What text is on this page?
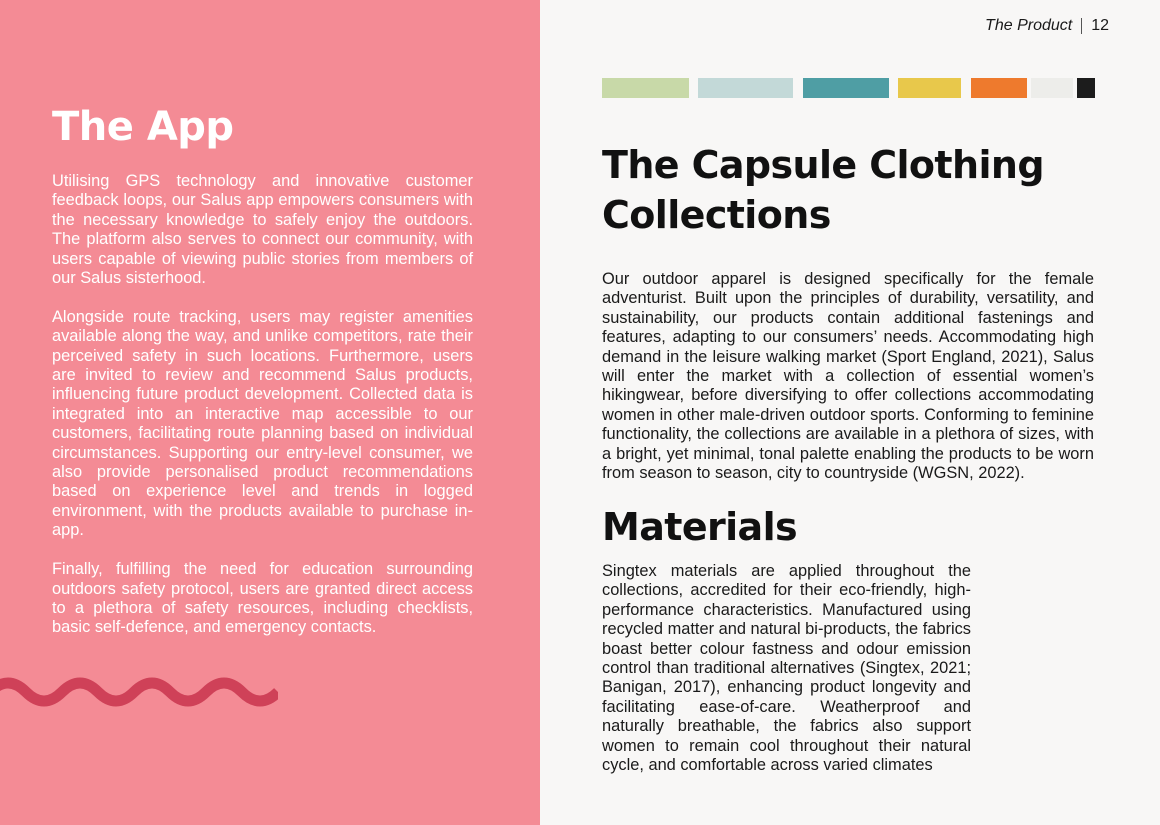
The App

Utilising GPS technology and innovative customer feedback loops, our Salus app empowers consumers with the necessary knowledge to safely enjoy the outdoors. The platform also serves to connect our community, with users capable of viewing public stories from members of our Salus sisterhood.

Alongside route tracking, users may register amenities available along the way, and unlike competitors, rate their perceived safety in such locations. Furthermore, users are invited to review and recommend Salus products, influencing future product development. Collected data is integrated into an interactive map accessible to our customers, facilitating route planning based on individual circumstances. Supporting our entry-level consumer, we also provide personalised product recommendations based on experience level and trends in logged environment, with the products available to purchase in-app.

Finally, fulfilling the need for education surrounding outdoors safety protocol, users are granted direct access to a plethora of safety resources, including checklists, basic self-defence, and emergency contacts.

The Product 12
The Capsule Clothing Collections

Our outdoor apparel is designed specifically for the female adventurist. Built upon the principles of durability, versatility, and sustainability, our products contain additional fastenings and features, adapting to our consumers’ needs. Accommodating high demand in the leisure walking market (Sport England, 2021), Salus will enter the market with a collection of essential women’s hikingwear, before diversifying to offer collections accommodating women in other male-driven outdoor sports. Conforming to feminine functionality, the collections are available in a plethora of sizes, with a bright, yet minimal, tonal palette enabling the products to be worn from season to season, city to countryside (WGSN, 2022).

Materials

Singtex materials are applied throughout the collections, accredited for their eco-friendly, high-performance characteristics. Manufactured using recycled matter and natural bi-products, the fabrics boast better colour fastness and odour emission control than traditional alternatives (Singtex, 2021; Banigan, 2017), enhancing product longevity and facilitating ease-of-care. Weatherproof and naturally breathable, the fabrics also support women to remain cool throughout their natural cycle, and comfortable across varied climates
